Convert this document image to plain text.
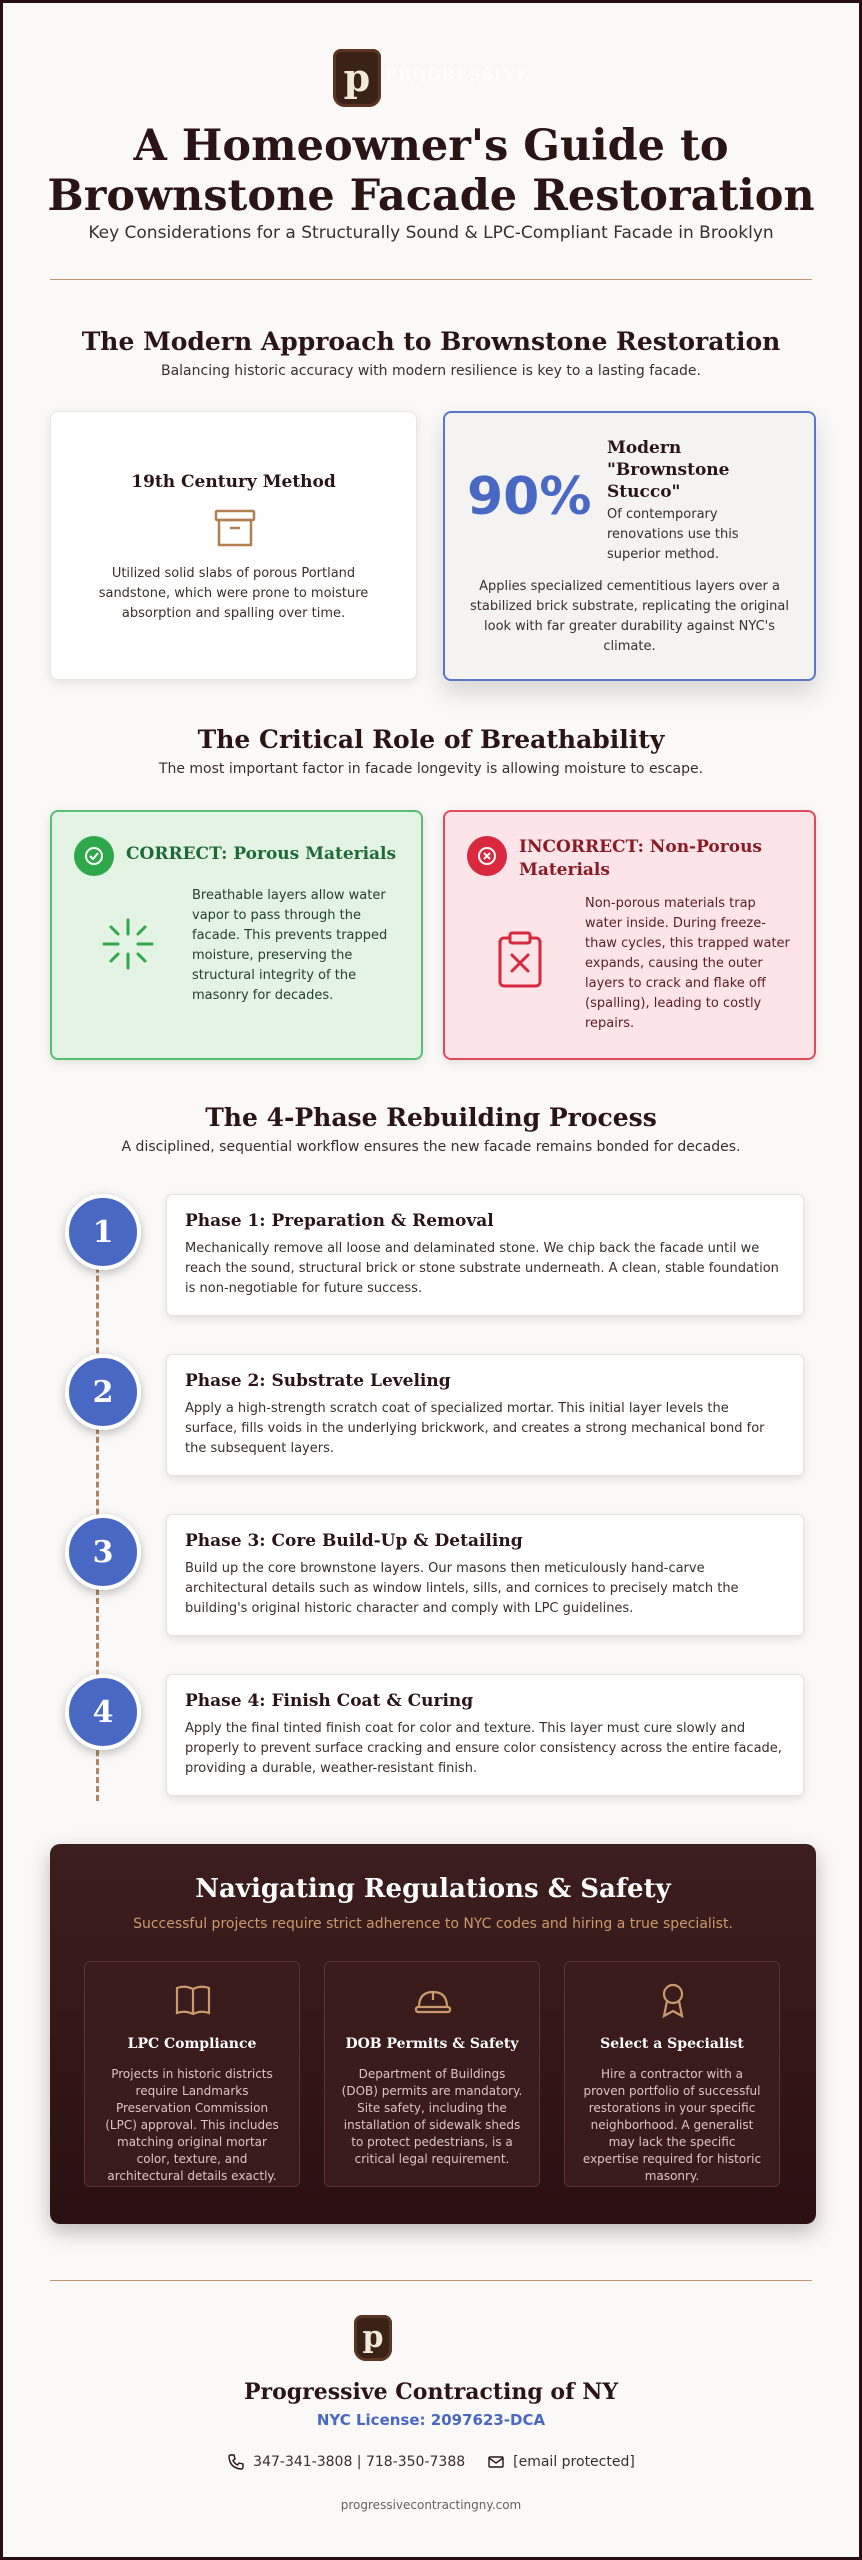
p PROGRESSIVE
CONTRACTING OF NY
A Homeowner's Guide to Brownstone Facade Restoration
Key Considerations for a Structurally Sound & LPC-Compliant Facade in Brooklyn
The Modern Approach to Brownstone Restoration
Balancing historic accuracy with modern resilience is key to a lasting facade.
19th Century Method
Utilized solid slabs of porous Portland sandstone, which were prone to moisture absorption and spalling over time.
90%
Modern "Brownstone Stucco"
Of contemporary renovations use this superior method.
Applies specialized cementitious layers over a stabilized brick substrate, replicating the original look with far greater durability against NYC's climate.
The Critical Role of Breathability
The most important factor in facade longevity is allowing moisture to escape.
CORRECT: Porous Materials
Breathable layers allow water vapor to pass through the facade. This prevents trapped moisture, preserving the structural integrity of the masonry for decades.
INCORRECT: Non-Porous Materials
Non-porous materials trap water inside. During freeze-thaw cycles, this trapped water expands, causing the outer layers to crack and flake off (spalling), leading to costly repairs.
The 4-Phase Rebuilding Process
A disciplined, sequential workflow ensures the new facade remains bonded for decades.
1	Phase 1: Preparation & Removal
Mechanically remove all loose and delaminated stone. We chip back the facade until we reach the sound, structural brick or stone substrate underneath. A clean, stable foundation is non-negotiable for future success.
2	Phase 2: Substrate Leveling
Apply a high-strength scratch coat of specialized mortar. This initial layer levels the surface, fills voids in the underlying brickwork, and creates a strong mechanical bond for the subsequent layers.
3	Phase 3: Core Build-Up & Detailing
Build up the core brownstone layers. Our masons then meticulously hand-carve architectural details such as window lintels, sills, and cornices to precisely match the building's original historic character and comply with LPC guidelines.
4	Phase 4: Finish Coat & Curing
Apply the final tinted finish coat for color and texture. This layer must cure slowly and properly to prevent surface cracking and ensure color consistency across the entire facade, providing a durable, weather-resistant finish.
Navigating Regulations & Safety
Successful projects require strict adherence to NYC codes and hiring a true specialist.
LPC Compliance
Projects in historic districts require Landmarks Preservation Commission (LPC) approval. This includes matching original mortar color, texture, and architectural details exactly.
DOB Permits & Safety
Department of Buildings (DOB) permits are mandatory. Site safety, including the installation of sidewalk sheds to protect pedestrians, is a critical legal requirement.
Select a Specialist
Hire a contractor with a proven portfolio of successful restorations in your specific neighborhood. A generalist may lack the specific expertise required for historic masonry.
p
Progressive Contracting of NY
NYC License: 2097623-DCA
347-341-3808 | 718-350-7388	[email protected]
progressivecontractingny.com
